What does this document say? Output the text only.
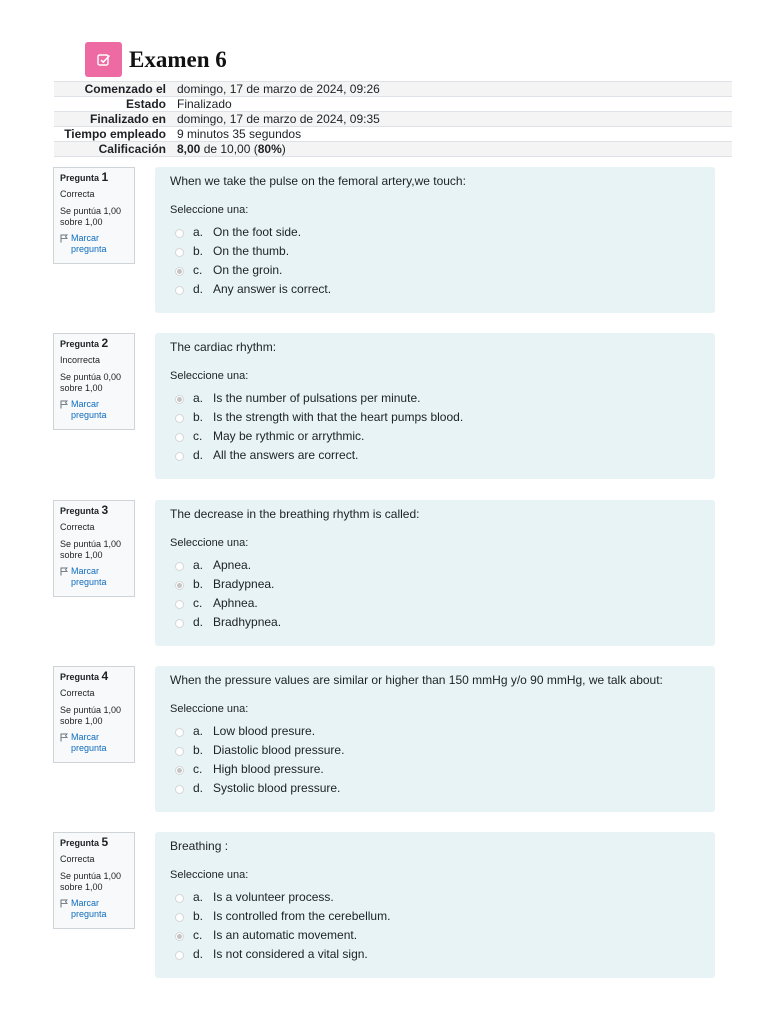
Examen 6
Comenzado el	domingo, 17 de marzo de 2024, 09:26
Estado	Finalizado
Finalizado en	domingo, 17 de marzo de 2024, 09:35
Tiempo empleado	9 minutos 35 segundos
Calificación	8,00 de 10,00 (80%)
Pregunta 1
Correcta
Se puntúa 1,00 sobre 1,00
Marcar pregunta
When we take the pulse on the femoral artery,we touch:
Seleccione una:
a. On the foot side.
b. On the thumb.
c. On the groin.
d. Any answer is correct.
Pregunta 2
Incorrecta
Se puntúa 0,00 sobre 1,00
Marcar pregunta
The cardiac rhythm:
Seleccione una:
a. Is the number of pulsations per minute.
b. Is the strength with that the heart pumps blood.
c. May be rythmic or arrythmic.
d. All the answers are correct.
Pregunta 3
Correcta
Se puntúa 1,00 sobre 1,00
Marcar pregunta
The decrease in the breathing rhythm is called:
Seleccione una:
a. Apnea.
b. Bradypnea.
c. Aphnea.
d. Bradhypnea.
Pregunta 4
Correcta
Se puntúa 1,00 sobre 1,00
Marcar pregunta
When the pressure values are similar or higher than 150 mmHg y/o 90 mmHg, we talk about:
Seleccione una:
a. Low blood presure.
b. Diastolic blood pressure.
c. High blood pressure.
d. Systolic blood pressure.
Pregunta 5
Correcta
Se puntúa 1,00 sobre 1,00
Marcar pregunta
Breathing :
Seleccione una:
a. Is a volunteer process.
b. Is controlled from the cerebellum.
c. Is an automatic movement.
d. Is not considered a vital sign.
